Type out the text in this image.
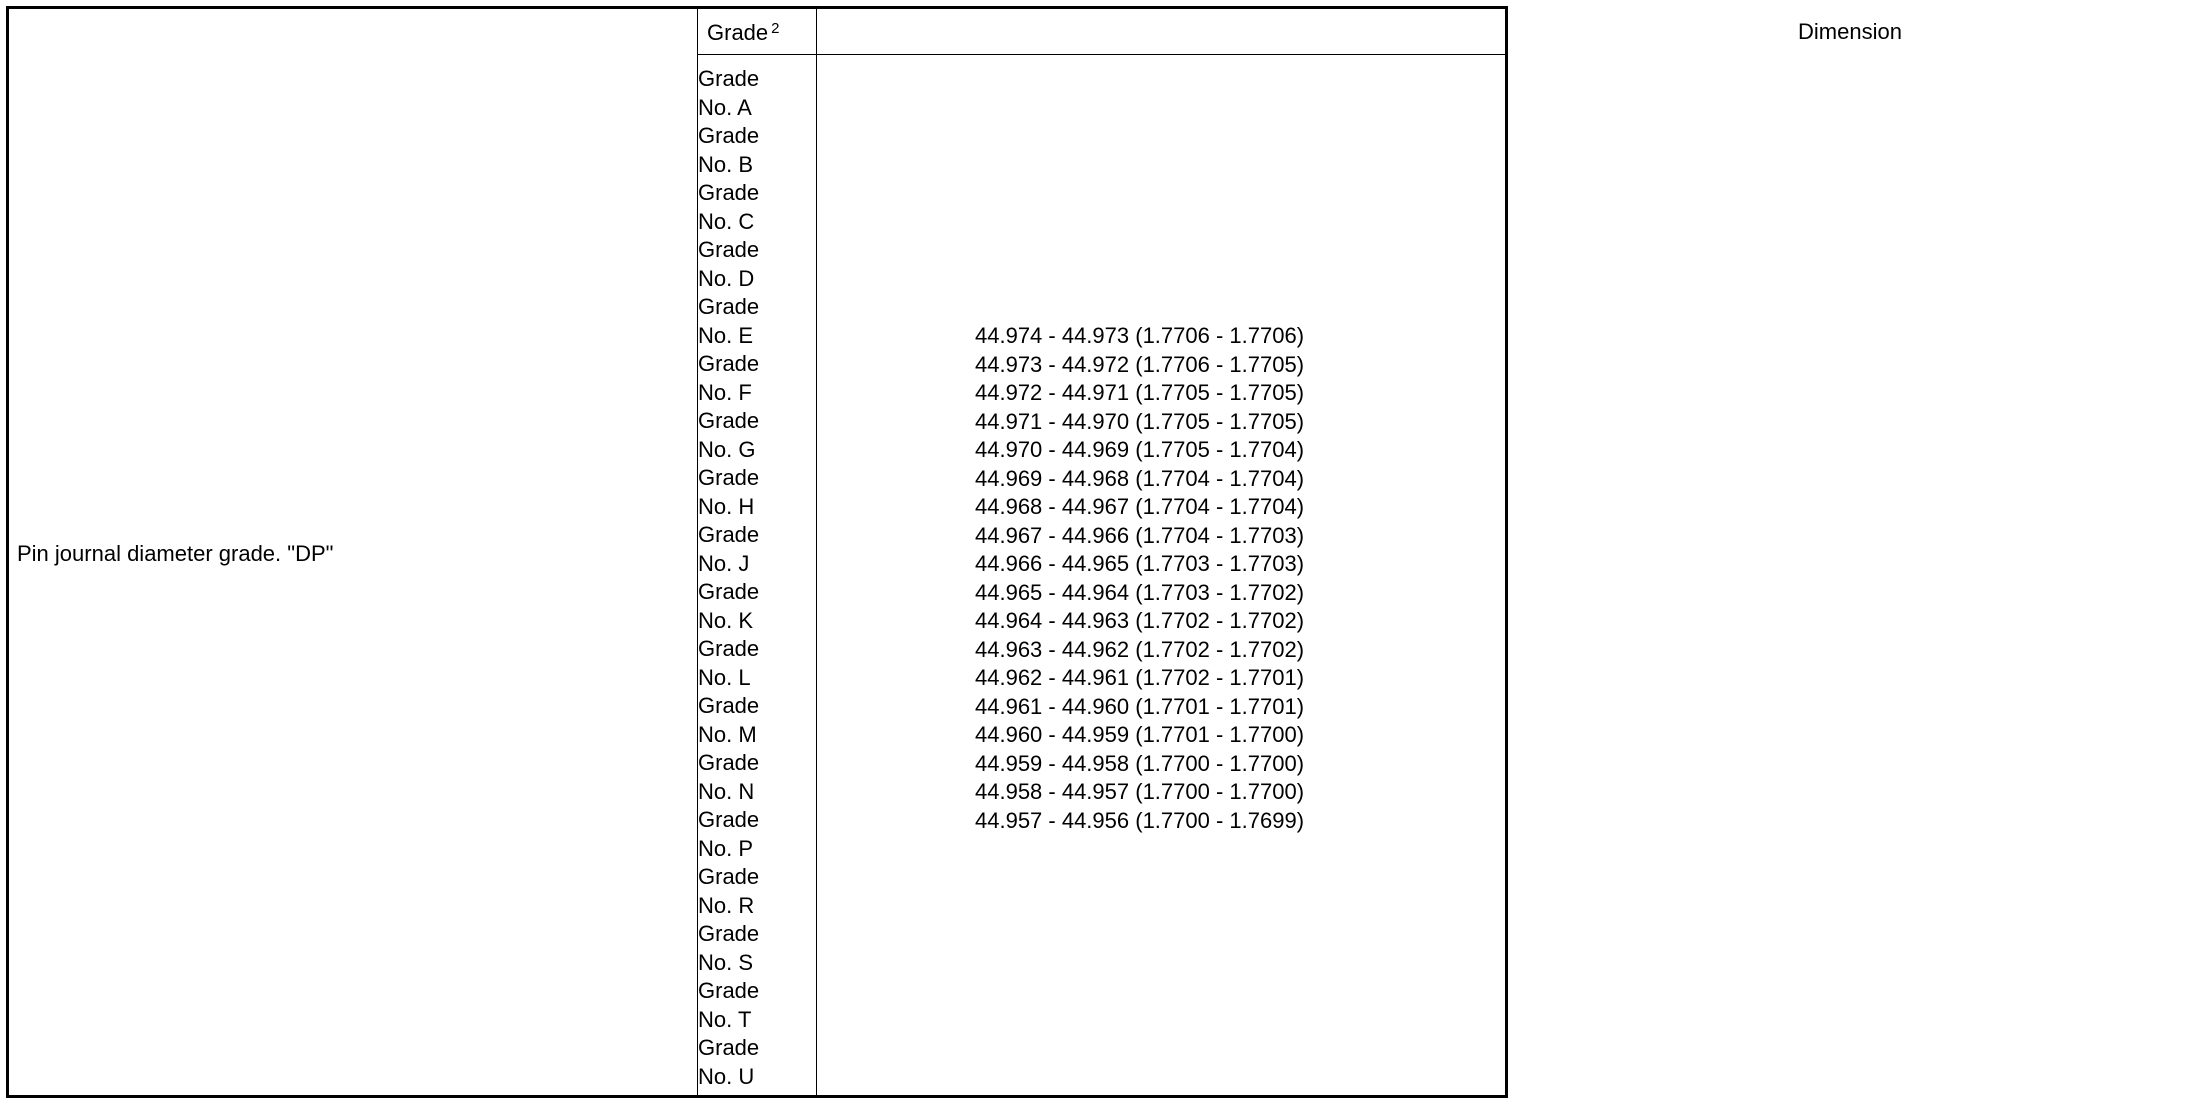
Pin journal diameter grade. "DP"
Grade $^2$	Dimension
Grade
No. A
Grade
No. B
Grade
No. C
Grade
No. D
Grade
No. E
Grade
No. F
Grade
No. G
Grade
No. H
Grade
No. J
Grade
No. K
Grade
No. L
Grade
No. M
Grade
No. N
Grade
No. P
Grade
No. R
Grade
No. S
Grade
No. T
Grade
No. U
44.974 - 44.973 (1.7706 - 1.7706)
44.973 - 44.972 (1.7706 - 1.7705)
44.972 - 44.971 (1.7705 - 1.7705)
44.971 - 44.970 (1.7705 - 1.7705)
44.970 - 44.969 (1.7705 - 1.7704)
44.969 - 44.968 (1.7704 - 1.7704)
44.968 - 44.967 (1.7704 - 1.7704)
44.967 - 44.966 (1.7704 - 1.7703)
44.966 - 44.965 (1.7703 - 1.7703)
44.965 - 44.964 (1.7703 - 1.7702)
44.964 - 44.963 (1.7702 - 1.7702)
44.963 - 44.962 (1.7702 - 1.7702)
44.962 - 44.961 (1.7702 - 1.7701)
44.961 - 44.960 (1.7701 - 1.7701)
44.960 - 44.959 (1.7701 - 1.7700)
44.959 - 44.958 (1.7700 - 1.7700)
44.958 - 44.957 (1.7700 - 1.7700)
44.957 - 44.956 (1.7700 - 1.7699)
